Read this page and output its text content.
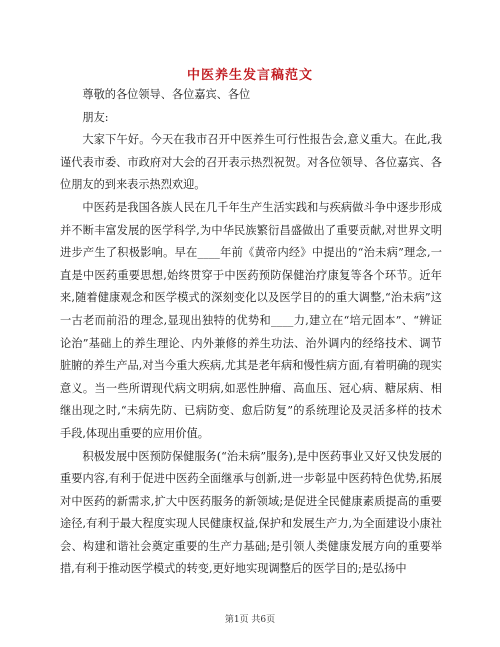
中医养生发言稿范文

尊敬的各位领导、各位嘉宾、各位

朋友:

大家下午好。今天在我市召开中医养生可行性报告会,意义重大。在此,我谨代表市委、市政府对大会的召开表示热烈祝贺。对各位领导、各位嘉宾、各位朋友的到来表示热烈欢迎。

中医药是我国各族人民在几千年生产生活实践和与疾病做斗争中逐步形成并不断丰富发展的医学科学,为中华民族繁衍昌盛做出了重要贡献,对世界文明进步产生了积极影响。早在____年前《黄帝内经》中提出的“治未病”理念,一直是中医药重要思想,始终贯穿于中医药预防保健治疗康复等各个环节。近年来,随着健康观念和医学模式的深刻变化以及医学目的的重大调整,“治未病”这一古老而前沿的理念,显现出独特的优势和____力,建立在“培元固本”、“辨证论治”基础上的养生理论、内外兼修的养生功法、治外调内的经络技术、调节脏腑的养生产品,对当今重大疾病,尤其是老年病和慢性病方面,有着明确的现实意义。当一些所谓现代病文明病,如恶性肿瘤、高血压、冠心病、糖尿病、相继出现之时,“未病先防、已病防变、愈后防复”的系统理论及灵活多样的技术手段,体现出重要的应用价值。

积极发展中医预防保健服务(“治未病”服务),是中医药事业又好又快发展的重要内容,有利于促进中医药全面继承与创新,进一步彰显中医药特色优势,拓展对中医药的新需求,扩大中医药服务的新领域;是促进全民健康素质提高的重要途径,有利于最大程度实现人民健康权益,保护和发展生产力,为全面建设小康社会、构建和谐社会奠定重要的生产力基础;是引领人类健康发展方向的重要举措,有利于推动医学模式的转变,更好地实现调整后的医学目的;是弘扬中

第1页 共6页
